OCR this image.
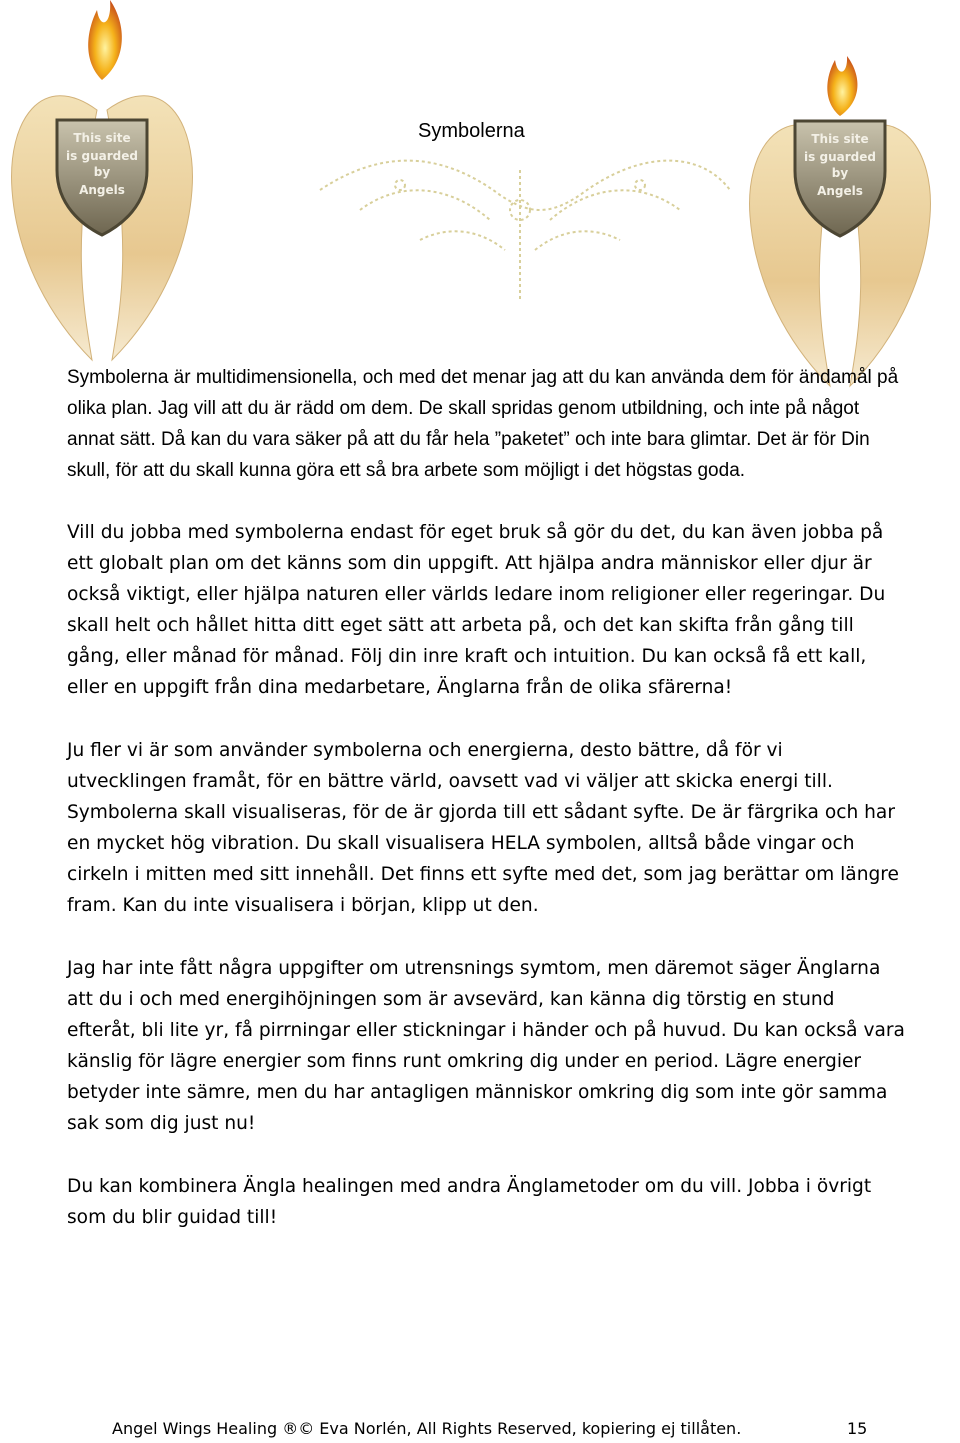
This site
is guarded
by
Angels
This site
is guarded
by
Angels
Symbolerna

Symbolerna är multidimensionella, och med det menar jag att du kan använda dem för ändamål på olika plan. Jag vill att du är rädd om dem. De skall spridas genom utbildning, och inte på något annat sätt. Då kan du vara säker på att du får hela ”paketet” och inte bara glimtar. Det är för Din skull, för att du skall kunna göra ett så bra arbete som möjligt i det högstas goda.

Vill du jobba med symbolerna endast för eget bruk så gör du det, du kan även jobba på ett globalt plan om det känns som din uppgift. Att hjälpa andra människor eller djur är också viktigt, eller hjälpa naturen eller världs ledare inom religioner eller regeringar. Du skall helt och hållet hitta ditt eget sätt att arbeta på, och det kan skifta från gång till gång, eller månad för månad. Följ din inre kraft och intuition. Du kan också få ett kall, eller en uppgift från dina medarbetare, Änglarna från de olika sfärerna!

Ju fler vi är som använder symbolerna och energierna, desto bättre, då för vi utvecklingen framåt, för en bättre värld, oavsett vad vi väljer att skicka energi till. Symbolerna skall visualiseras, för de är gjorda till ett sådant syfte. De är färgrika och har en mycket hög vibration. Du skall visualisera HELA symbolen, alltså både vingar och cirkeln i mitten med sitt innehåll. Det finns ett syfte med det, som jag berättar om längre fram. Kan du inte visualisera i början, klipp ut den.

Jag har inte fått några uppgifter om utrensnings symtom, men däremot säger Änglarna att du i och med energihöjningen som är avsevärd, kan känna dig törstig en stund efteråt, bli lite yr, få pirrningar eller stickningar i händer och på huvud. Du kan också vara känslig för lägre energier som finns runt omkring dig under en period. Lägre energier betyder inte sämre, men du har antagligen människor omkring dig som inte gör samma sak som dig just nu!

Du kan kombinera Ängla healingen med andra Änglametoder om du vill. Jobba i övrigt som du blir guidad till!

Angel Wings Healing ®© Eva Norlén, All Rights Reserved, kopiering ej tillåten.	15
